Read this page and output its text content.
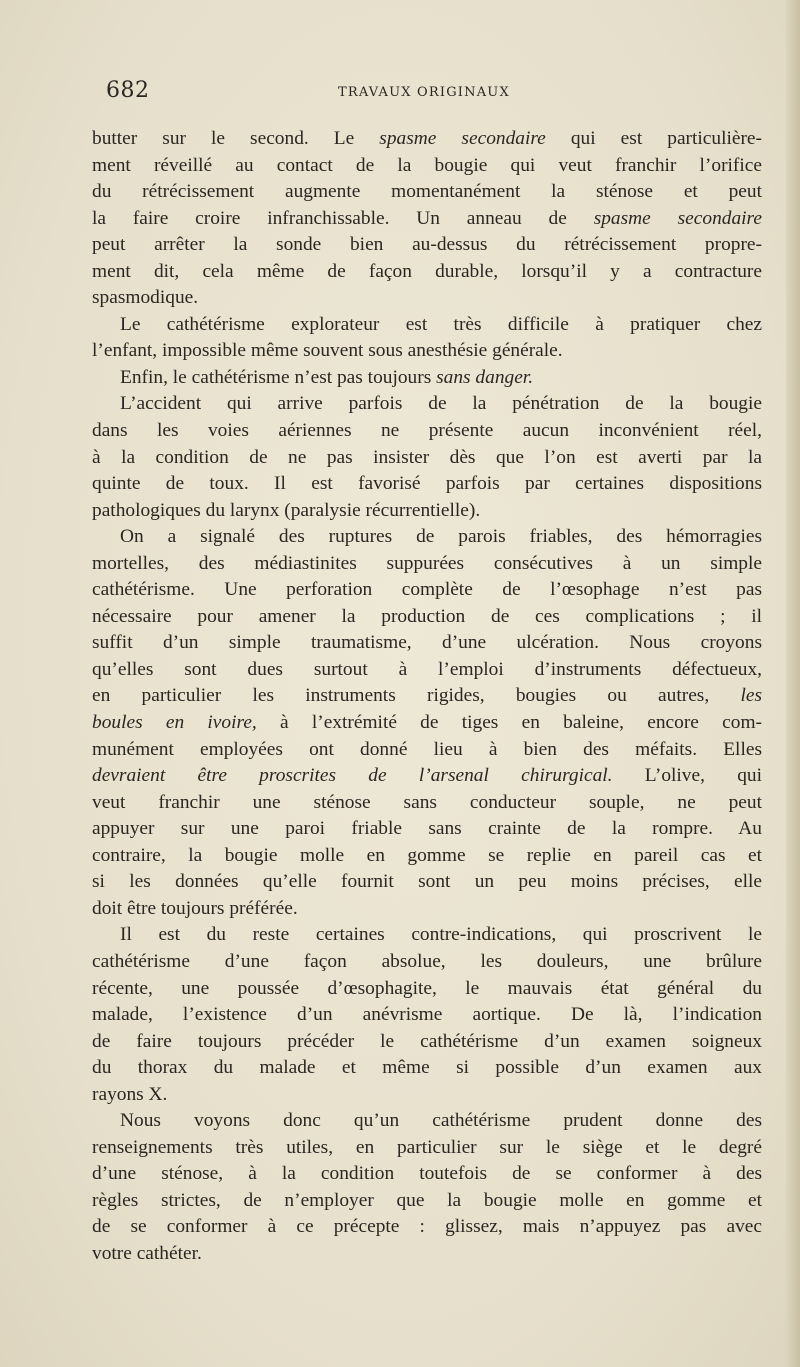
682	TRAVAUX ORIGINAUX

butter sur le second. Le spasme secondaire qui est particulière-
ment réveillé au contact de la bougie qui veut franchir l’orifice
du rétrécissement augmente momentanément la sténose et peut
la faire croire infranchissable. Un anneau de spasme secondaire
peut arrêter la sonde bien au-dessus du rétrécissement propre-
ment dit, cela même de façon durable, lorsqu’il y a contracture
spasmodique.

Le cathétérisme explorateur est très difficile à pratiquer chez
l’enfant, impossible même souvent sous anesthésie générale.

Enfin, le cathétérisme n’est pas toujours sans danger.

L’accident qui arrive parfois de la pénétration de la bougie
dans les voies aériennes ne présente aucun inconvénient réel,
à la condition de ne pas insister dès que l’on est averti par la
quinte de toux. Il est favorisé parfois par certaines dispositions
pathologiques du larynx (paralysie récurrentielle).

On a signalé des ruptures de parois friables, des hémorragies
mortelles, des médiastinites suppurées consécutives à un simple
cathétérisme. Une perforation complète de l’œsophage n’est pas
nécessaire pour amener la production de ces complications ; il
suffit d’un simple traumatisme, d’une ulcération. Nous croyons
qu’elles sont dues surtout à l’emploi d’instruments défectueux,
en particulier les instruments rigides, bougies ou autres, les
boules en ivoire, à l’extrémité de tiges en baleine, encore com-
munément employées ont donné lieu à bien des méfaits. Elles
devraient être proscrites de l’arsenal chirurgical. L’olive, qui
veut franchir une sténose sans conducteur souple, ne peut
appuyer sur une paroi friable sans crainte de la rompre. Au
contraire, la bougie molle en gomme se replie en pareil cas et
si les données qu’elle fournit sont un peu moins précises, elle
doit être toujours préférée.

Il est du reste certaines contre-indications, qui proscrivent le
cathétérisme d’une façon absolue, les douleurs, une brûlure
récente, une poussée d’œsophagite, le mauvais état général du
malade, l’existence d’un anévrisme aortique. De là, l’indication
de faire toujours précéder le cathétérisme d’un examen soigneux
du thorax du malade et même si possible d’un examen aux
rayons X.

Nous voyons donc qu’un cathétérisme prudent donne des
renseignements très utiles, en particulier sur le siège et le degré
d’une sténose, à la condition toutefois de se conformer à des
règles strictes, de n’employer que la bougie molle en gomme et
de se conformer à ce précepte : glissez, mais n’appuyez pas avec
votre cathéter.
